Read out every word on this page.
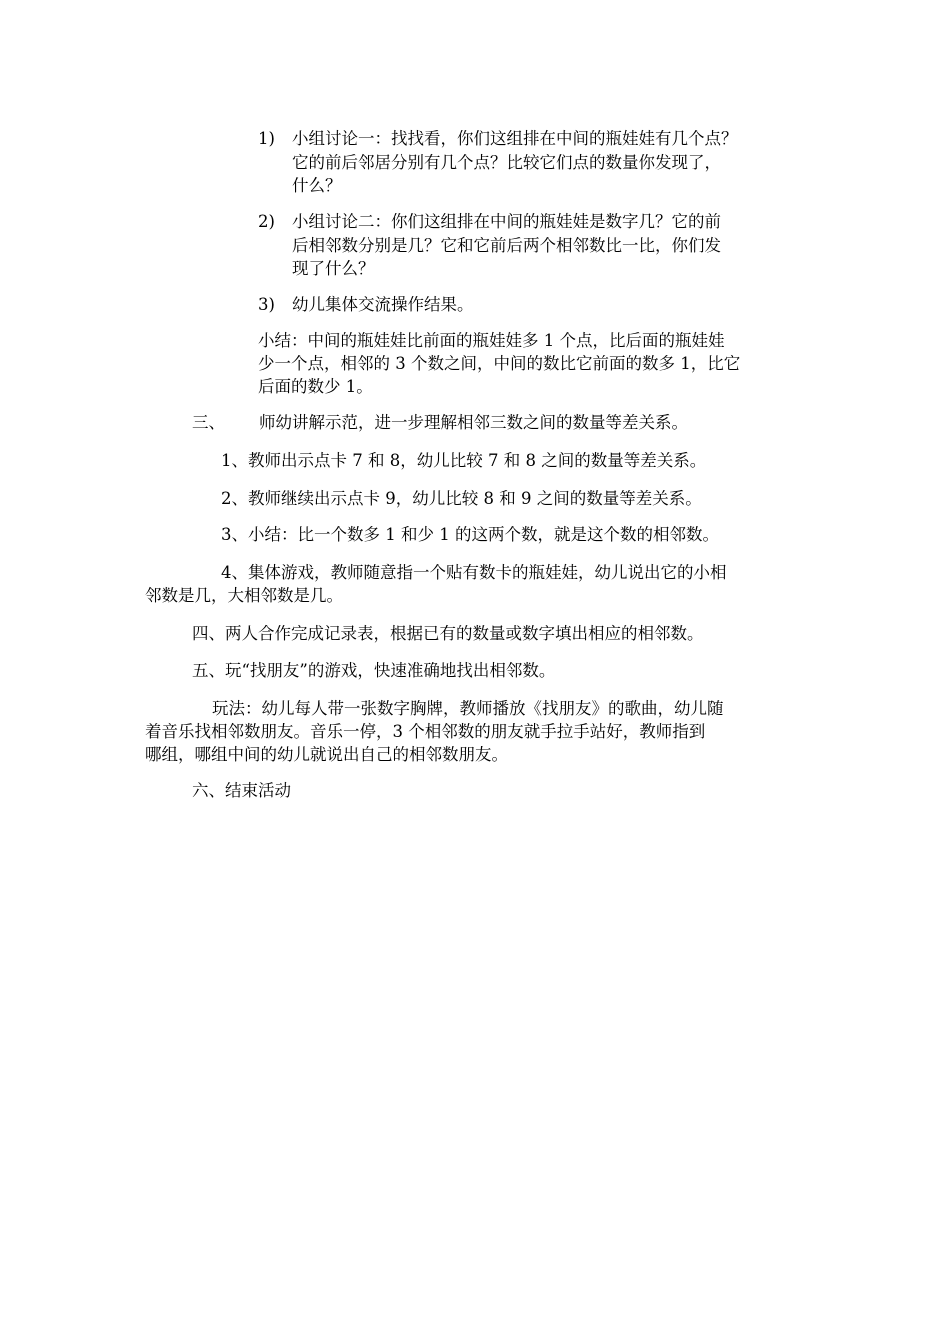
1) 小组讨论一：找找看，你们这组排在中间的瓶娃娃有几个点？
它的前后邻居分别有几个点？比较它们点的数量你发现了，
什么？
2) 小组讨论二：你们这组排在中间的瓶娃娃是数字几？它的前
后相邻数分别是几？它和它前后两个相邻数比一比，你们发
现了什么？
3) 幼儿集体交流操作结果。
小结：中间的瓶娃娃比前面的瓶娃娃多 1 个点，比后面的瓶娃娃
少一个点，相邻的 3 个数之间，中间的数比它前面的数多 1，比它
后面的数少 1。
三、 师幼讲解示范，进一步理解相邻三数之间的数量等差关系。
1、教师出示点卡 7 和 8，幼儿比较 7 和 8 之间的数量等差关系。
2、教师继续出示点卡 9，幼儿比较 8 和 9 之间的数量等差关系。
3、小结：比一个数多 1 和少 1 的这两个数，就是这个数的相邻数。
4、集体游戏，教师随意指一个贴有数卡的瓶娃娃，幼儿说出它的小相
邻数是几，大相邻数是几。
四、两人合作完成记录表，根据已有的数量或数字填出相应的相邻数。
五、玩“找朋友”的游戏，快速准确地找出相邻数。
玩法：幼儿每人带一张数字胸牌，教师播放《找朋友》的歌曲，幼儿随
着音乐找相邻数朋友。音乐一停，3 个相邻数的朋友就手拉手站好，教师指到
哪组，哪组中间的幼儿就说出自己的相邻数朋友。
六、结束活动
